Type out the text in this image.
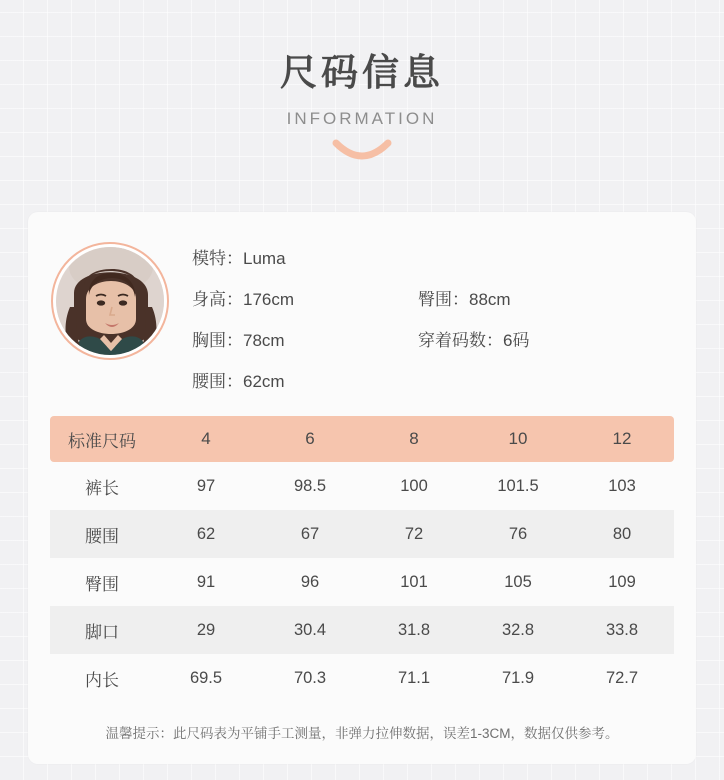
尺码信息
INFORMATION
模特：Luma
身高：176cm	臀围：88cm
胸围：78cm	穿着码数：6码
腰围：62cm
标准尺码	4	6	8	10	12
裤长	97	98.5	100	101.5	103
腰围	62	67	72	76	80
臀围	91	96	101	105	109
脚口	29	30.4	31.8	32.8	33.8
内长	69.5	70.3	71.1	71.9	72.7
温馨提示：此尺码表为平铺手工测量，非弹力拉伸数据，误差1-3CM，数据仅供参考。
